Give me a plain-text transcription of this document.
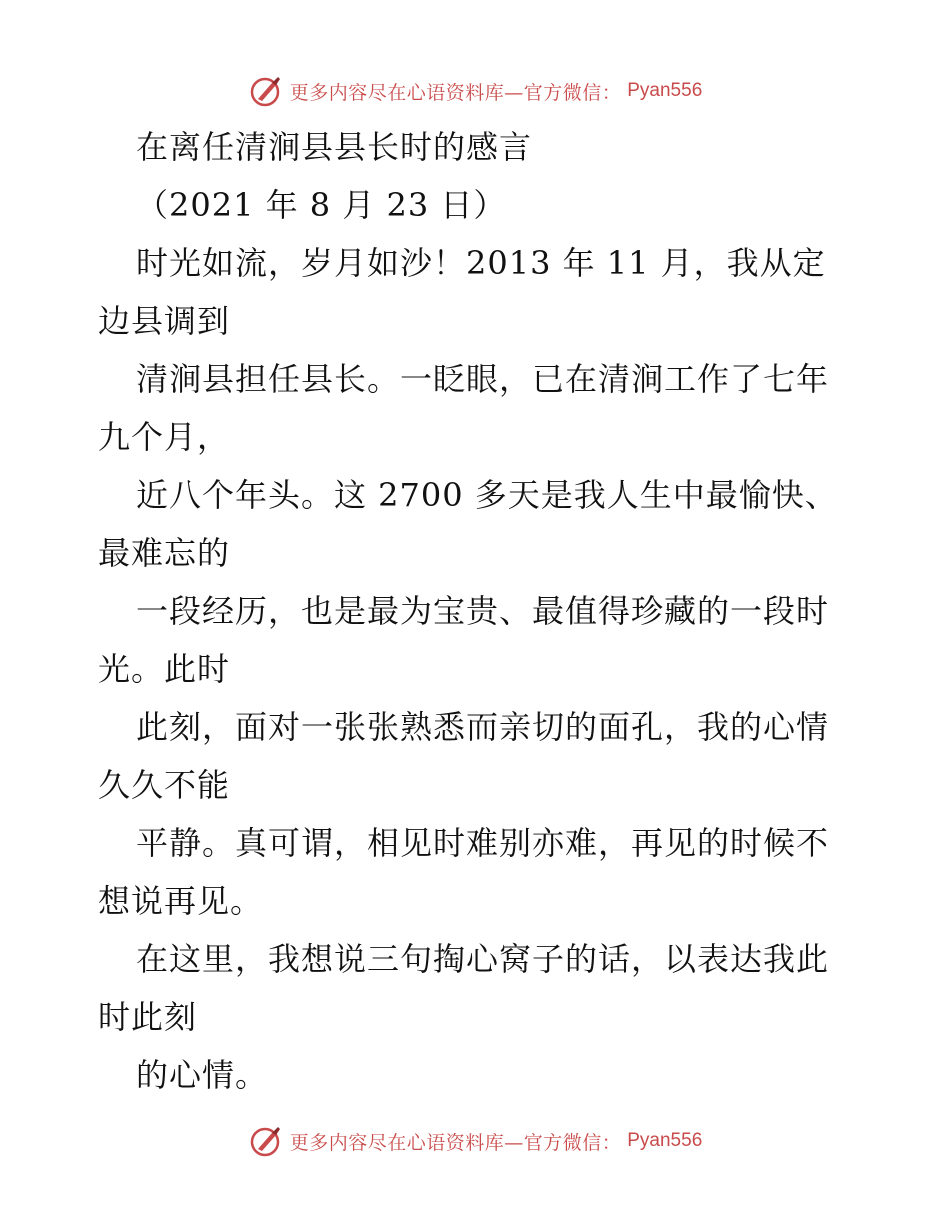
更多内容尽在心语资料库—官方微信： Pyan556

在离任清涧县县长时的感言

（2021 年 8 月 23 日）

时光如流，岁月如沙！2013 年 11 月，我从定

边县调到

清涧县担任县长。一眨眼，已在清涧工作了七年

九个月，

近八个年头。这 2700 多天是我人生中最愉快、

最难忘的

一段经历，也是最为宝贵、最值得珍藏的一段时

光。此时

此刻，面对一张张熟悉而亲切的面孔，我的心情

久久不能

平静。真可谓，相见时难别亦难，再见的时候不

想说再见。

在这里，我想说三句掏心窝子的话，以表达我此

时此刻

的心情。

更多内容尽在心语资料库—官方微信： Pyan556
